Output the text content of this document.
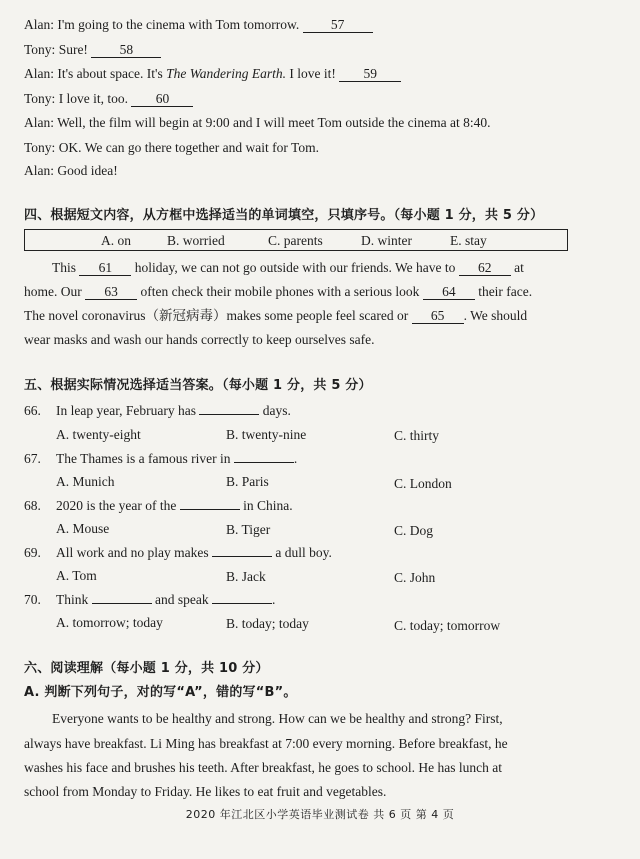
Alan: I'm going to the cinema with Tom tomorrow. 57
Tony: Sure! 58
Alan: It's about space. It's The Wandering Earth. I love it! 59
Tony: I love it, too. 60
Alan: Well, the film will begin at 9:00 and I will meet Tom outside the cinema at 8:40.
Tony: OK. We can go there together and wait for Tom.
Alan: Good idea!
四、根据短文内容，从方框中选择适当的单词填空，只填序号。（每小题 1 分，共 5 分）
A. on	B. worried	C. parents	D. winter	E. stay
This 61 holiday, we can not go outside with our friends. We have to 62 at
home. Our 63 often check their mobile phones with a serious look 64 their face.
The novel coronavirus（新冠病毒）makes some people feel scared or 65 . We should
wear masks and wash our hands correctly to keep ourselves safe.
五、根据实际情况选择适当答案。（每小题 1 分，共 5 分）
66. In leap year, February has	days.
A. twenty-eight	B. twenty-nine	C. thirty
67. The Thames is a famous river in	.
A. Munich	B. Paris	C. London
68. 2020 is the year of the	in China.
A. Mouse	B. Tiger	C. Dog
69. All work and no play makes	a dull boy.
A. Tom	B. Jack	C. John
70. Think	and speak	.
A. tomorrow; today	B. today; today	C. today; tomorrow
六、阅读理解（每小题 1 分，共 10 分）
A. 判断下列句子，对的写“A”，错的写“B”。
Everyone wants to be healthy and strong. How can we be healthy and strong? First,
always have breakfast. Li Ming has breakfast at 7:00 every morning. Before breakfast, he
washes his face and brushes his teeth. After breakfast, he goes to school. He has lunch at
school from Monday to Friday. He likes to eat fruit and vegetables.
2020 年江北区小学英语毕业测试卷 共 6 页 第 4 页
